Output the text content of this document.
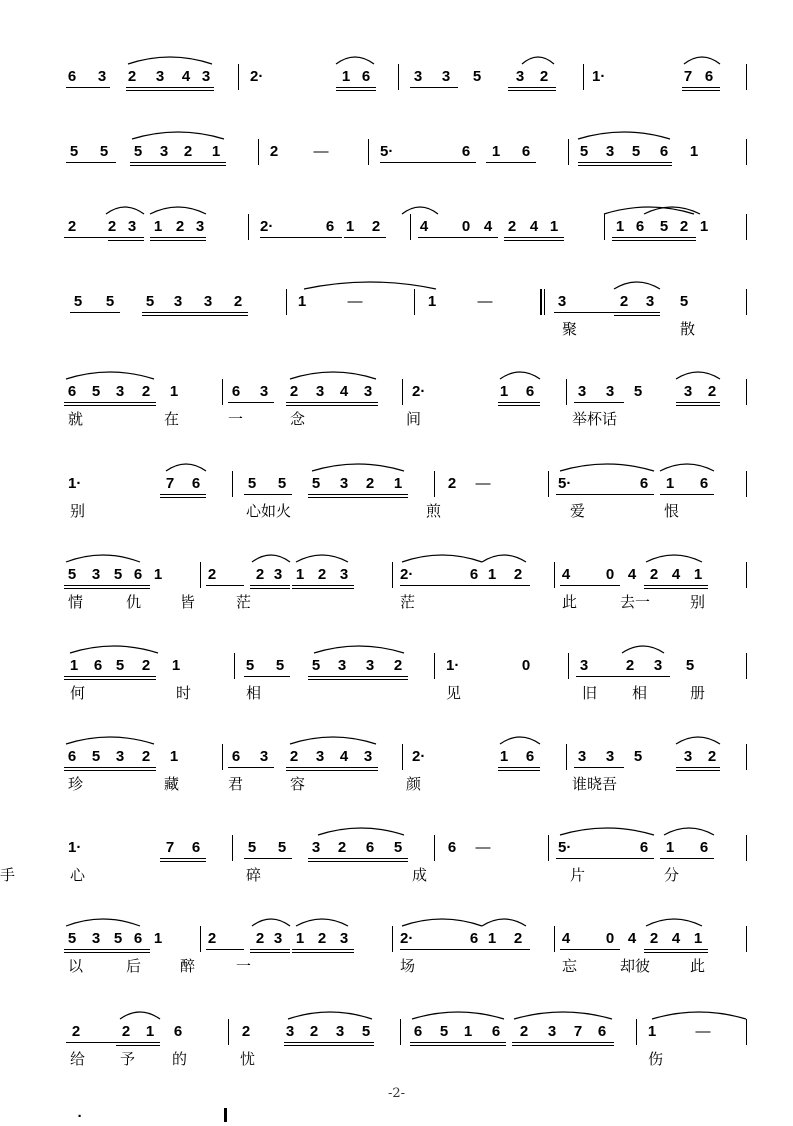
6 3 2 3 4 3	2·	1 6	3 3 5 3 2	1·	7 6
5 5 5 3 2 1	2 —	5·	6 1 6	5 3 5 6 1
2 2 3 1 2 3	2·	6 1 2	4 0 4 2 4 1	1 6 5 2 1
5 5 5 3 3 2	1	—	1	—	3	2 3 5
6 5 3 2 1	6 3 2 3 4 3	2·	1 6	3 3 5	3 2
1·	7 6	5 5 5 3 2 1	2 —	5·	6 1 6
5 3 5 6 1	2	2 3 1 2 3	2·	6 1 2	4 0 4 2 4 1
1 6 5 2 1	5 5 5 3 3 2	1·	0	3	2 3 5
6 5 3 2 1	6 3 2 3 4 3	2·	1 6	3 3 5	3 2
1·	7 6	5 5 3 2 6 5	6 —	5·	6 1 6
5 3 5 6 1	2	2 3 1 2 3	2·	6 1 2	4 0 4 2 4 1
2	2 1 6	2 3 2 3 5	6 5 1 6 2 3 7 6	1	—
·
聚	散
就	在	一	念	间	举杯话
别	心如火	煎	爱	恨
情	仇	皆	茫	茫	此	去一	别
何	时	相	见	旧 相	册
珍	藏	君	容	颜	谁晓吾
心	碎	成	片	分
手
以	后	醉	一	场	忘	却彼	此
给 予 的	忧	伤
-2-
